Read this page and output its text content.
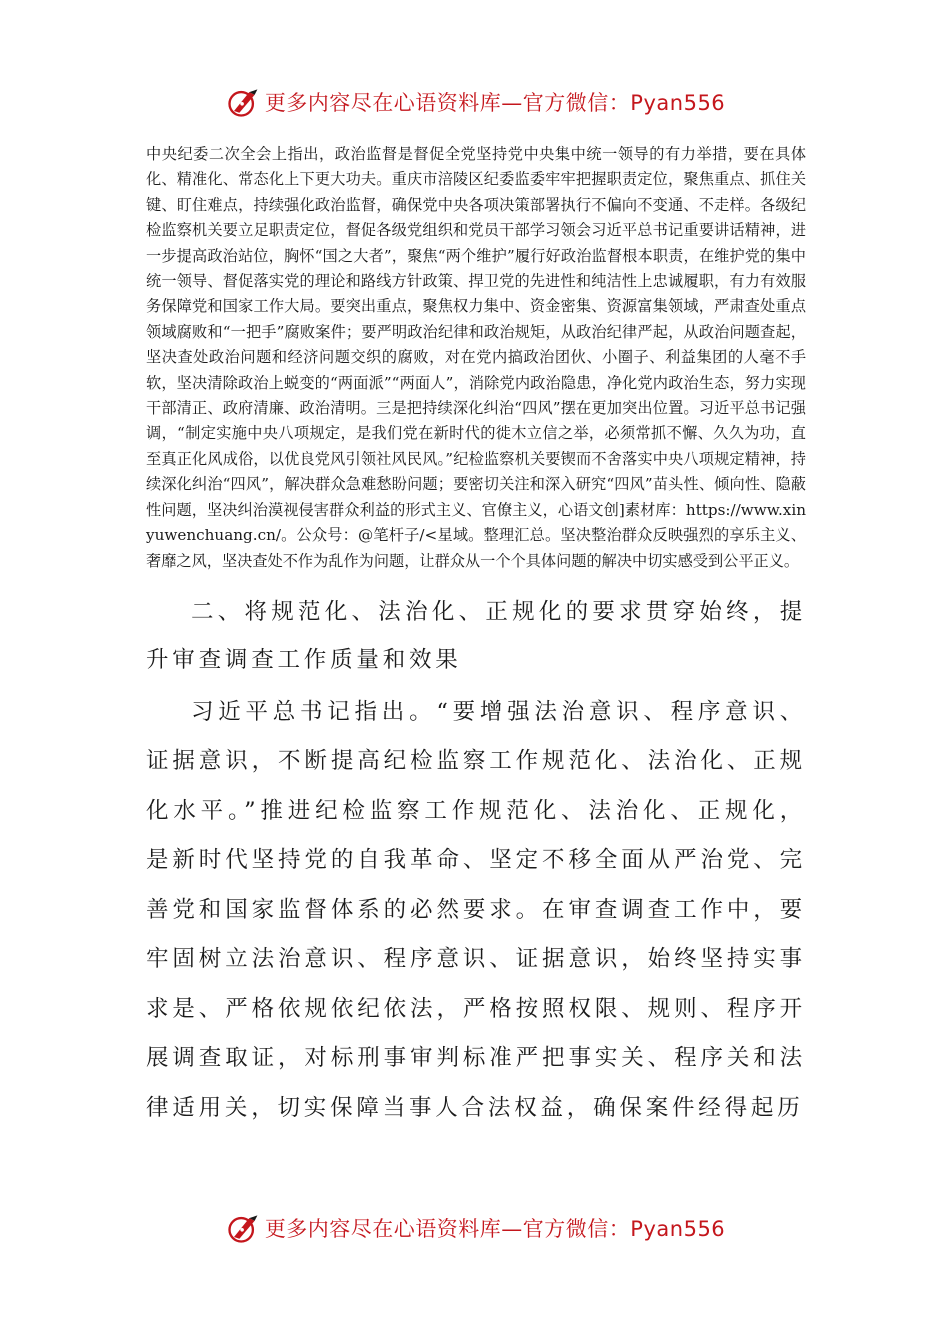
更多内容尽在心语资料库—官方微信：Pyan556

中央纪委二次全会上指出，政治监督是督促全党坚持党中央集中统一领导的有力举措，要在具体化、精准化、常态化上下更大功夫。重庆市涪陵区纪委监委牢牢把握职责定位，聚焦重点、抓住关键、盯住难点，持续强化政治监督，确保党中央各项决策部署执行不偏向不变通、不走样。各级纪检监察机关要立足职责定位，督促各级党组织和党员干部学习领会习近平总书记重要讲话精神，进一步提高政治站位，胸怀“国之大者”，聚焦“两个维护”履行好政治监督根本职责，在维护党的集中统一领导、督促落实党的理论和路线方针政策、捍卫党的先进性和纯洁性上忠诚履职，有力有效服务保障党和国家工作大局。要突出重点，聚焦权力集中、资金密集、资源富集领域，严肃查处重点领域腐败和“一把手”腐败案件；要严明政治纪律和政治规矩，从政治纪律严起，从政治问题查起，坚决查处政治问题和经济问题交织的腐败，对在党内搞政治团伙、小圈子、利益集团的人毫不手软，坚决清除政治上蜕变的“两面派”“两面人”，消除党内政治隐患，净化党内政治生态，努力实现干部清正、政府清廉、政治清明。三是把持续深化纠治“四风”摆在更加突出位置。习近平总书记强调，“制定实施中央八项规定，是我们党在新时代的徙木立信之举，必须常抓不懈、久久为功，直至真正化风成俗，以优良党风引领社风民风。”纪检监察机关要锲而不舍落实中央八项规定精神，持续深化纠治“四风”，解决群众急难愁盼问题；要密切关注和深入研究“四风”苗头性、倾向性、隐蔽性问题，坚决纠治漠视侵害群众利益的形式主义、官僚主义，心语文创]素材库：https://www.xinyuwenchuang.cn/。公众号：@笔杆子/<星域。整理汇总。坚决整治群众反映强烈的享乐主义、奢靡之风，坚决查处不作为乱作为问题，让群众从一个个具体问题的解决中切实感受到公平正义。

二、将规范化、法治化、正规化的要求贯穿始终，提升审查调查工作质量和效果

习近平总书记指出。“要增强法治意识、程序意识、证据意识，不断提高纪检监察工作规范化、法治化、正规化水平。”推进纪检监察工作规范化、法治化、正规化，是新时代坚持党的自我革命、坚定不移全面从严治党、完善党和国家监督体系的必然要求。在审查调查工作中，要牢固树立法治意识、程序意识、证据意识，始终坚持实事求是、严格依规依纪依法，严格按照权限、规则、程序开展调查取证，对标刑事审判标准严把事实关、程序关和法律适用关，切实保障当事人合法权益，确保案件经得起历

更多内容尽在心语资料库—官方微信：Pyan556
